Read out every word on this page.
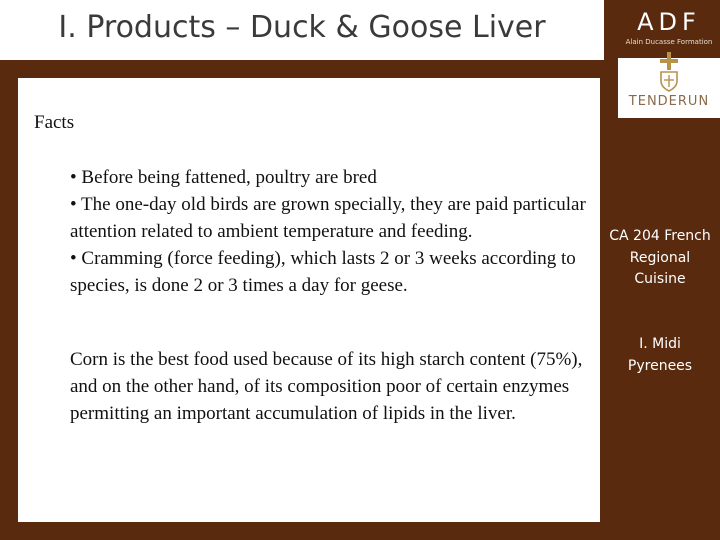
I. Products – Duck & Goose Liver	ADF
Alain Ducasse Formation
TENDERUN
Facts
• Before being fattened, poultry are bred
• The one-day old birds are grown specially, they are paid particular attention related to ambient temperature and feeding.
• Cramming (force feeding), which lasts 2 or 3 weeks according to species, is done 2 or 3 times a day for geese.
Corn is the best food used because of its high starch content (75%), and on the other hand, of its composition poor of certain enzymes permitting an important accumulation of lipids in the liver.
CA 204 French Regional Cuisine
I. Midi Pyrenees
